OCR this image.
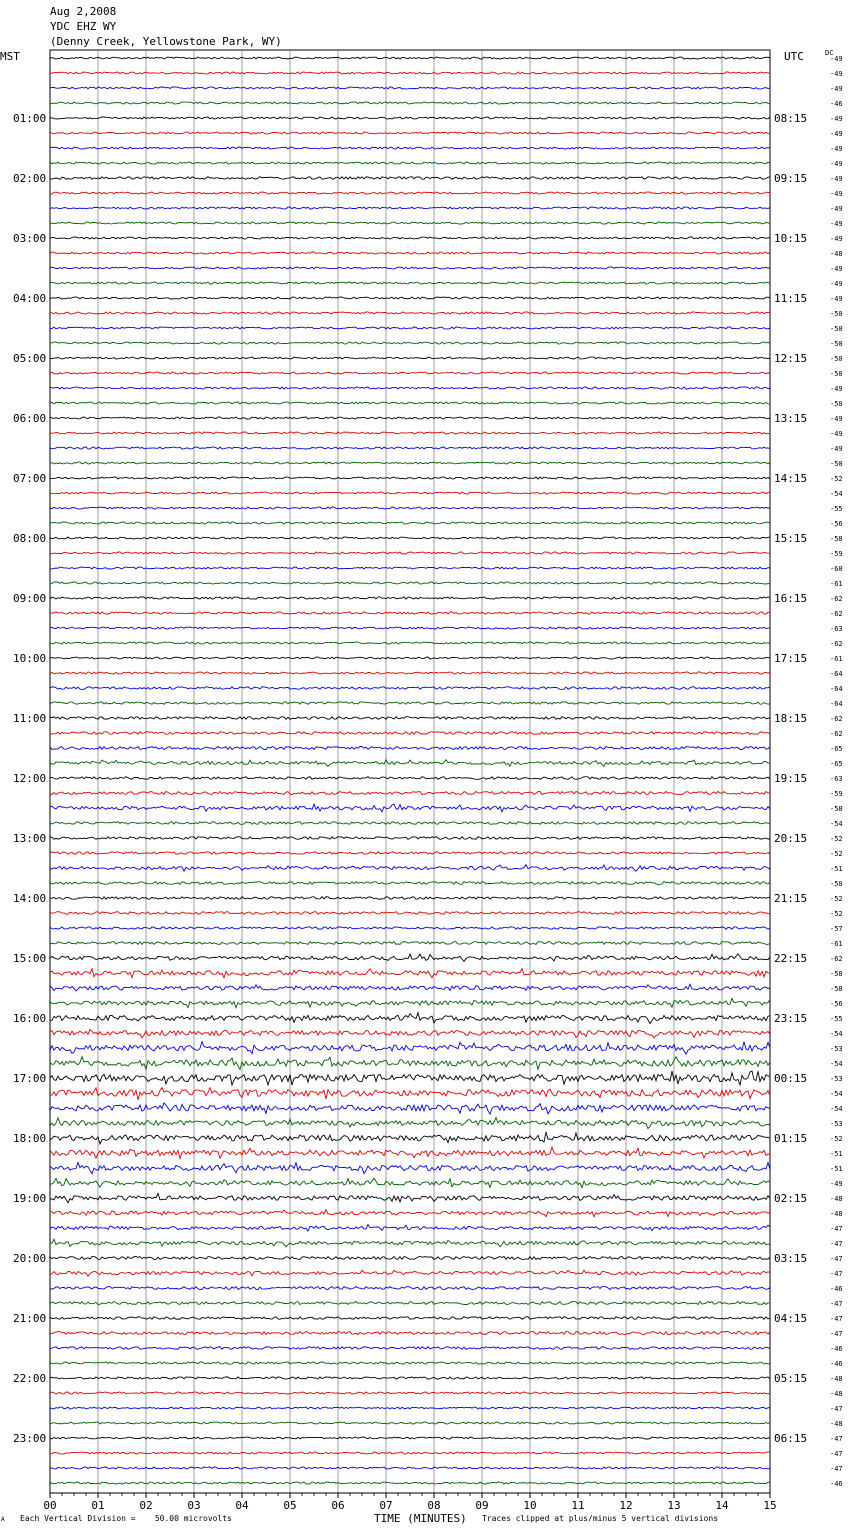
Aug 2,2008
YDC EHZ WY
(Denny Creek, Yellowstone Park, WY)
MST	UTC	DC
01:00
02:00
03:00
04:00
05:00
06:00
07:00
08:00
09:00
10:00
11:00
12:00
13:00
14:00
15:00
16:00
17:00
18:00
19:00
20:00
21:00
22:00
23:00
08:15
09:15
10:15
11:15
12:15
13:15
14:15
15:15
16:15
17:15
18:15
19:15
20:15
21:15
22:15
23:15
00:15
01:15
02:15
03:15
04:15
05:15
06:15
-49
-49
-49
-46
-49
-49
-49
-49
-49
-49
-49
-49
-49
-48
-49
-49
-49
-50
-50
-50
-50
-50
-49
-50
-49
-49
-49
-50
-52
-54
-55
-56
-58
-59
-60
-61
-62
-62
-63
-62
-61
-64
-64
-64
-62
-62
-65
-65
-63
-59
-58
-54
-52
-52
-51
-50
-52
-52
-57
-61
-62
-58
-58
-56
-55
-54
-53
-54
-53
-54
-54
-53
-52
-51
-51
-49
-48
-48
-47
-47
-47
-47
-46
-47
-47
-47
-46
-46
-48
-48
-47
-48
-47
-47
-47
-46
00	01	02	03	04	05	06	07	08	09	10	11	12	13	14	15
TIME (MINUTES)
A Each Vertical Division =    50.00 microvolts	Traces clipped at plus/minus 5 vertical divisions
